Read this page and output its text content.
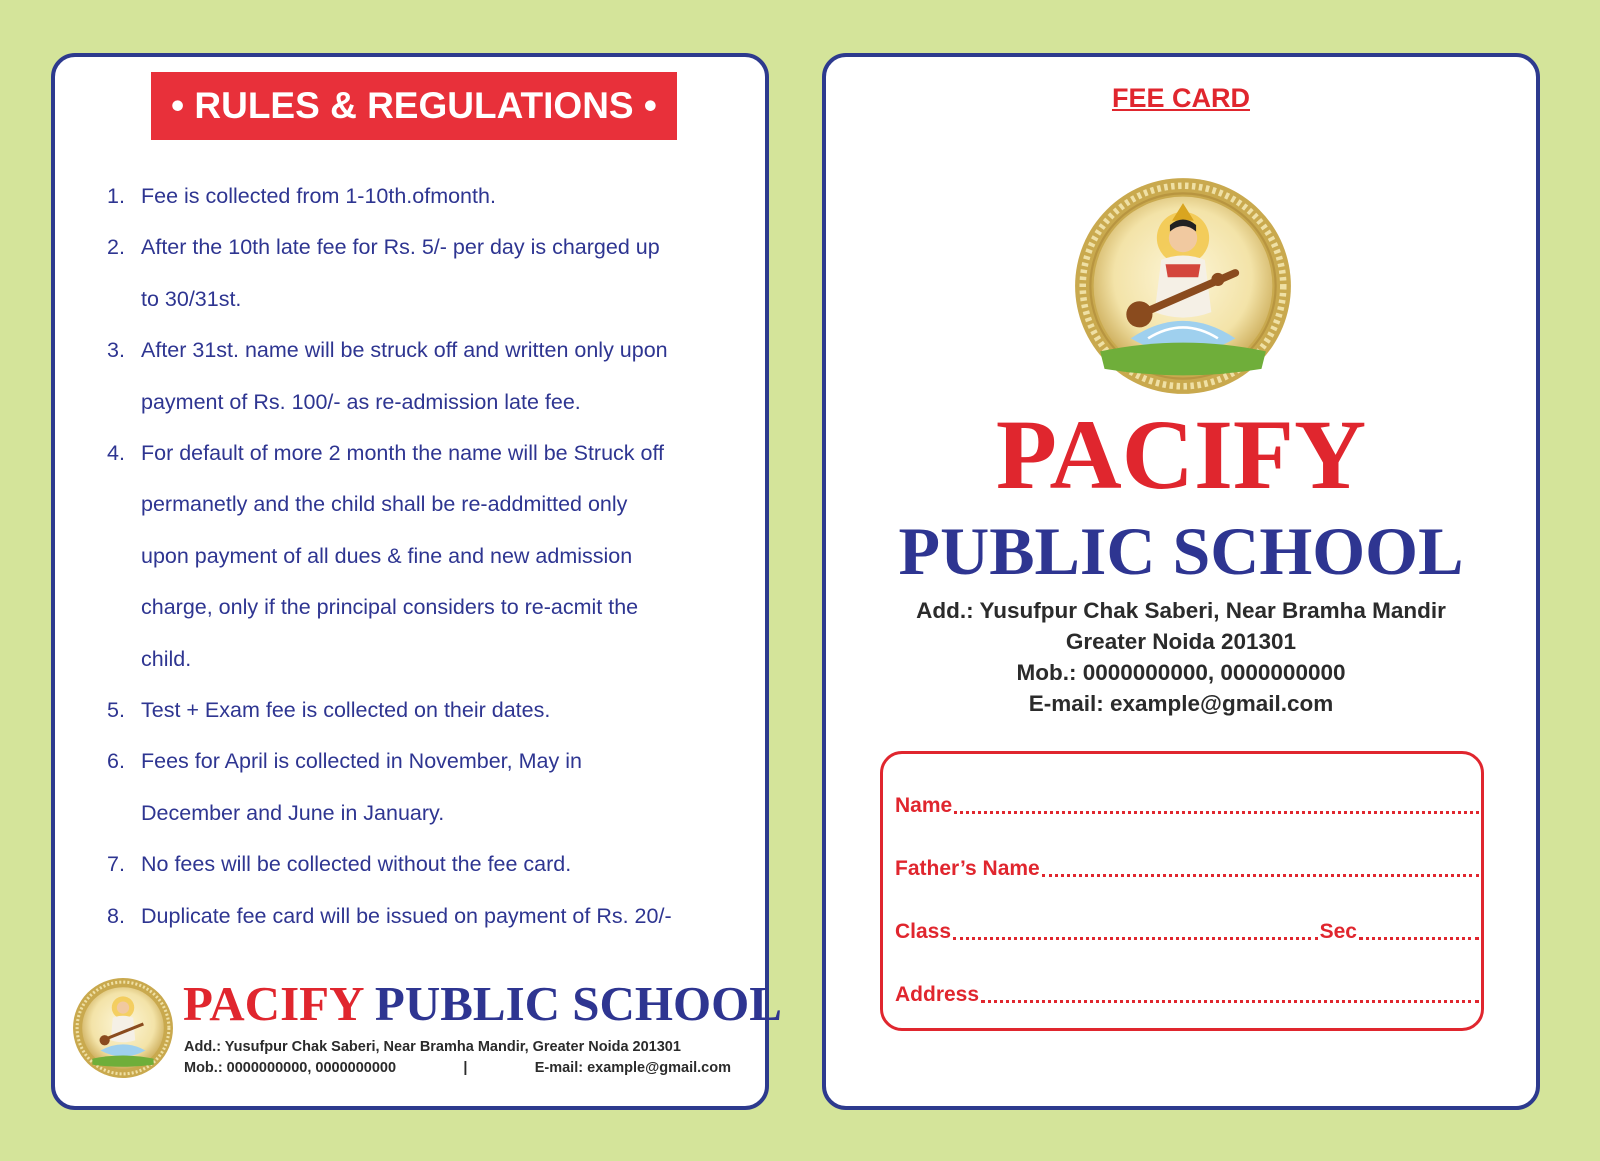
• RULES & REGULATIONS •
1. Fee is collected from 1-10th.ofmonth.
2. After the 10th late fee for Rs. 5/- per day is charged up
to 30/31st.
3. After 31st. name will be struck off and written only upon
payment of Rs. 100/- as re-admission late fee.
4. For default of more 2 month the name will be Struck off
permanetly and the child shall be re-addmitted only
upon payment of all dues & fine and new admission
charge, only if the principal considers to re-acmit the
child.
5. Test + Exam fee is collected on their dates.
6. Fees for April is collected in November, May in
December and June in January.
7. No fees will be collected without the fee card.
8. Duplicate fee card will be issued on payment of Rs. 20/-
PACIFY PUBLIC SCHOOL
Add.: Yusufpur Chak Saberi, Near Bramha Mandir, Greater Noida 201301
Mob.: 0000000000, 0000000000	|	E-mail: example@gmail.com
FEE CARD
PACIFY
PUBLIC SCHOOL
Add.: Yusufpur Chak Saberi, Near Bramha Mandir
Greater Noida 201301
Mob.: 0000000000, 0000000000
E-mail: example@gmail.com
Name
Father’s Name
Class	Sec
Address
